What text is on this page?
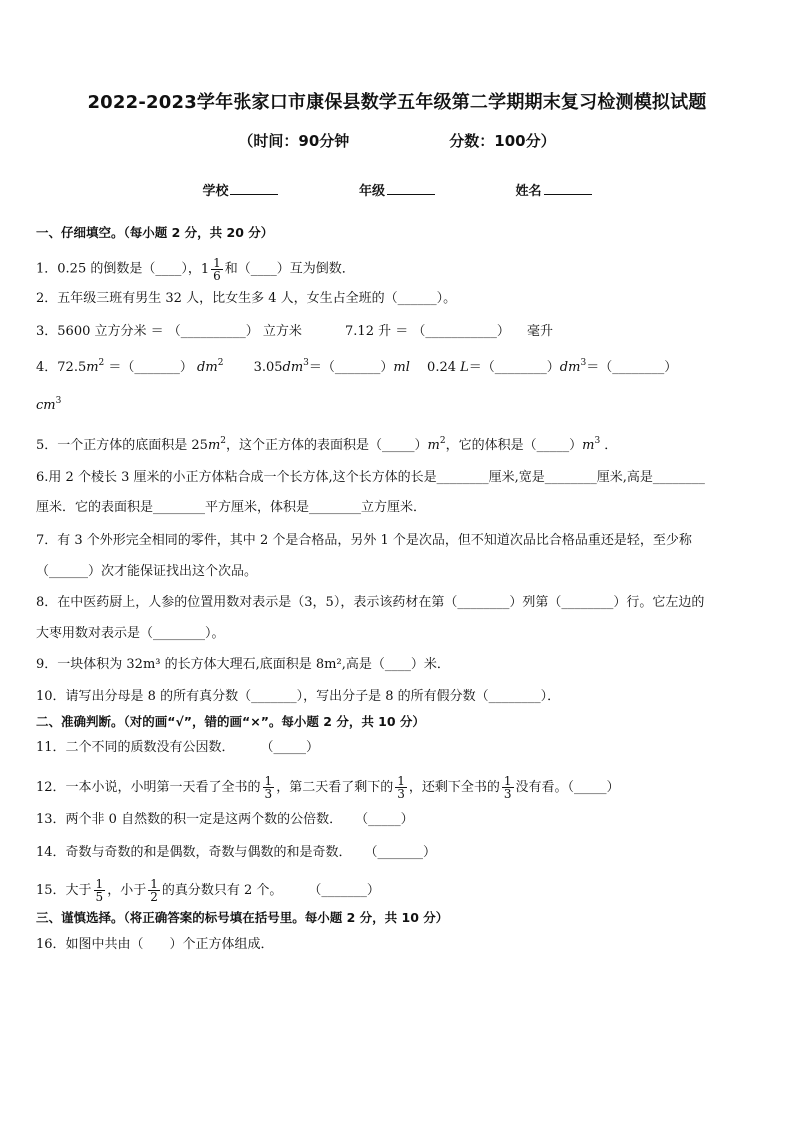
2022-2023学年张家口市康保县数学五年级第二学期期末复习检测模拟试题
（时间：90分钟	分数：100分）
学校	年级	姓名
一、仔细填空。（每小题 2 分，共 20 分）
1．0.25 的倒数是（____）， $1 \frac{1}{6}$ 和（____）互为倒数．
2．五年级三班有男生 32 人，比女生多 4 人，女生占全班的（______）。
3．5600 立方分米 ＝ （__________） 立方米 　　　7.12 升 ＝ （___________） 　毫升
4．$72.5m^2$ ＝（_______） $dm^2$ 　　$3.05dm^3=(\_\_\_\_\_\_\_)ml$ 　0.24 $L=(\_\_\_\_\_\_\_\_)dm^3=(\_\_\_\_\_\_\_\_)$
$cm^3$
5．一个正方体的底面积是 $25m^2$，这个正方体的表面积是$(\_\_\_\_\_)m^2$，它的体积是$(\_\_\_\_\_)m^3$ ．
6.用 2 个棱长 3 厘米的小正方体粘合成一个长方体,这个长方体的长是________厘米,宽是________厘米,高是________
厘米．它的表面积是________平方厘米，体积是________立方厘米．
7．有 3 个外形完全相同的零件，其中 2 个是合格品，另外 1 个是次品，但不知道次品比合格品重还是轻，至少称
（______）次才能保证找出这个次品。
8．在中医药厨上，人参的位置用数对表示是（3，5），表示该药材在第（________）列第（________）行。它左边的
大枣用数对表示是（________）。
9．一块体积为 32m³ 的长方体大理石,底面积是 8m²,高是（____）米．
10．请写出分母是 8 的所有真分数（_______），写出分子是 8 的所有假分数（________）．
二、准确判断。（对的画“√”，错的画“×”。每小题 2 分，共 10 分）
11．二个不同的质数没有公因数．　　　（_____）
12．一本小说，小明第一天看了全书的 $\frac{1}{3}$ ，第二天看了剩下的 $\frac{1}{3}$ ，还剩下全书的 $\frac{1}{3}$ 没有看。（_____）
13．两个非 0 自然数的积一定是这两个数的公倍数．　　（_____）
14．奇数与奇数的和是偶数，奇数与偶数的和是奇数．　　（_______）
15．大于 $\frac{1}{5}$ ，小于 $\frac{1}{2}$ 的真分数只有 2 个。　　　（_______）
三、谨慎选择。（将正确答案的标号填在括号里。每小题 2 分，共 10 分）
16．如图中共由（　　）个正方体组成．
